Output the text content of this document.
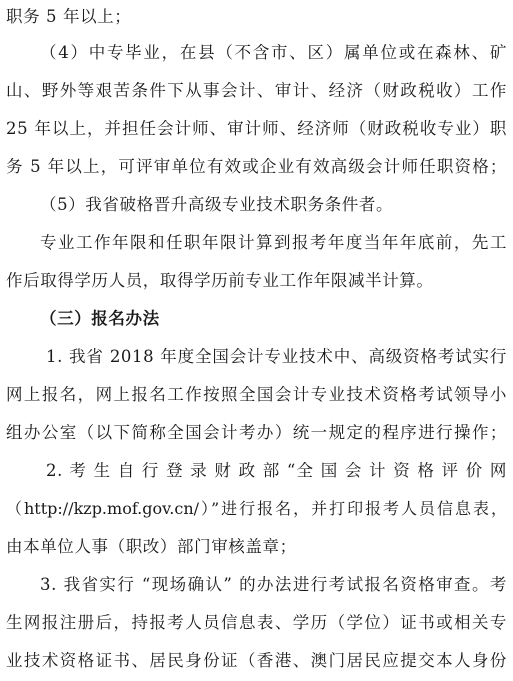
职务 5 年以上；
（4）中专毕业，在县（不含市、区）属单位或在森林、矿
山、野外等艰苦条件下从事会计、审计、经济（财政税收）工作
25 年以上，并担任会计师、审计师、经济师（财政税收专业）职
务 5 年以上，可评审单位有效或企业有效高级会计师任职资格；
（5）我省破格晋升高级专业技术职务条件者。
专业工作年限和任职年限计算到报考年度当年年底前，先工
作后取得学历人员，取得学历前专业工作年限减半计算。
（三）报名办法
1. 我省 2018 年度全国会计专业技术中、高级资格考试实行
网上报名，网上报名工作按照全国会计专业技术资格考试领导小
组办公室（以下简称全国会计考办）统一规定的程序进行操作；
2. 考 生 自 行 登 录 财 政 部 “全 国 会 计 资 格 评 价 网
（http://kzp.mof.gov.cn/）”进行报名，并打印报考人员信息表，
由本单位人事（职改）部门审核盖章；
3. 我省实行 “现场确认” 的办法进行考试报名资格审查。考
生网报注册后，持报考人员信息表、学历（学位）证书或相关专
业技术资格证书、居民身份证（香港、澳门居民应提交本人身份
